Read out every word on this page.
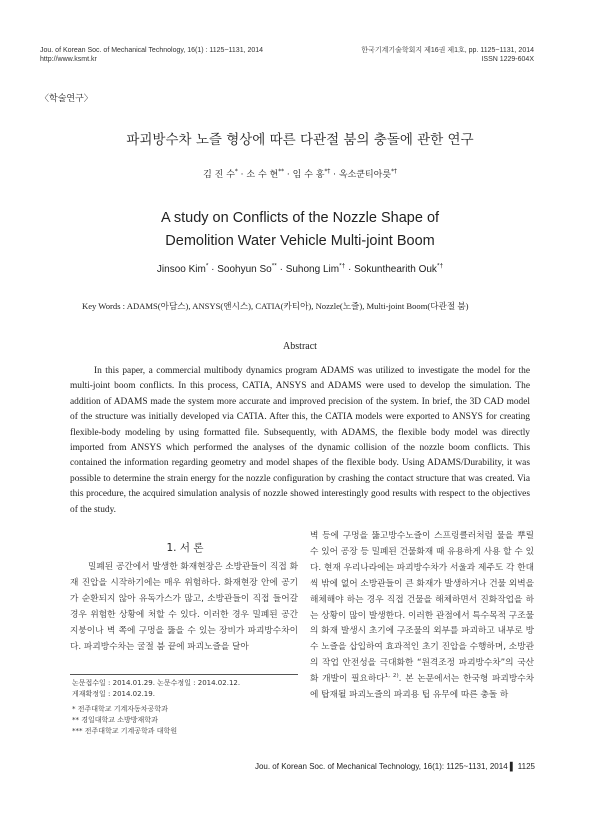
Jou. of Korean Soc. of Mechanical Technology, 16(1) : 1125~1131, 2014
http://www.ksmt.kr
한국기계기술학회지 제16권 제1호, pp. 1125~1131, 2014
ISSN 1229-604X
〈학술연구〉
파괴방수차 노즐 형상에 따른 다관절 붐의 충돌에 관한 연구
김 진 수* · 소 수 현** · 임 수 홍*† · 옥소쿤티아릇*†
A study on Conflicts of the Nozzle Shape of
Demolition Water Vehicle Multi-joint Boom
Jinsoo Kim* · Soohyun So** · Suhong Lim*† · Sokunthearith Ouk*†
Key Words : ADAMS(아담스), ANSYS(앤시스), CATIA(카티아), Nozzle(노즐), Multi-joint Boom(다관절 붐)
Abstract

In this paper, a commercial multibody dynamics program ADAMS was utilized to investigate the model for the multi-joint boom conflicts. In this process, CATIA, ANSYS and ADAMS were used to develop the simulation. The addition of ADAMS made the system more accurate and improved precision of the system. In brief, the 3D CAD model of the structure was initially developed via CATIA. After this, the CATIA models were exported to ANSYS for creating flexible-body modeling by using formatted file. Subsequently, with ADAMS, the flexible body model was directly imported from ANSYS which performed the analyses of the dynamic collision of the nozzle boom conflicts. This contained the information regarding geometry and model shapes of the flexible body. Using ADAMS/Durability, it was possible to determine the strain energy for the nozzle configuration by crashing the contact structure that was created. Via this procedure, the acquired simulation analysis of nozzle showed interestingly good results with respect to the objectives of the study.

1. 서 론

밀폐된 공간에서 발생한 화재현장은 소방관들이 직접 화재 진압을 시작하기에는 매우 위험하다. 화재현장 안에 공기가 순환되지 않아 유독가스가 많고, 소방관들이 직접 들어갈 경우 위험한 상황에 처할 수 있다. 이러한 경우 밀폐된 공간 지붕이나 벽 쪽에 구멍을 뚫을 수 있는 장비가 파괴방수차이다. 파괴방수차는 굴절 붐 끝에 파괴노즐을 달아

벽 등에 구멍을 뚫고방수노즐이 스프링클러처럼 물을 뿌릴 수 있어 공장 등 밀폐된 건물화재 때 유용하게 사용 할 수 있다. 현재 우리나라에는 파괴방수차가 서울과 제주도 각 한대씩 밖에 없어 소방관들이 큰 화재가 발생하거나 건물 외벽을 해체해야 하는 경우 직접 건물을 해체하면서 진화작업을 하는 상황이 많이 발생한다. 이러한 관점에서 특수목적 구조물의 화재 발생시 초기에 구조물의 외부를 파괴하고 내부로 방수 노즐을 삽입하여 효과적인 초기 진압을 수행하며, 소방관의 작업 안전성을 극대화한 “원격조정 파괴방수차”의 국산화 개발이 필요하다$^{1, 2)}$. 본 논문에서는 한국형 파괴방수차에 탑재될 파괴노즐의 파괴용 팁 유무에 따른 충돌 하

논문접수일 : 2014.01.29. 논문수정일 : 2014.02.12.
게재확정일 : 2014.02.19.
* 전주대학교 기계자동차공학과
** 경일대학교 소방방재학과
*** 전주대학교 기계공학과 대학원
Jou. of Korean Soc. of Mechanical Technology, 16(1): 1125~1131, 2014 ▌ 1125
